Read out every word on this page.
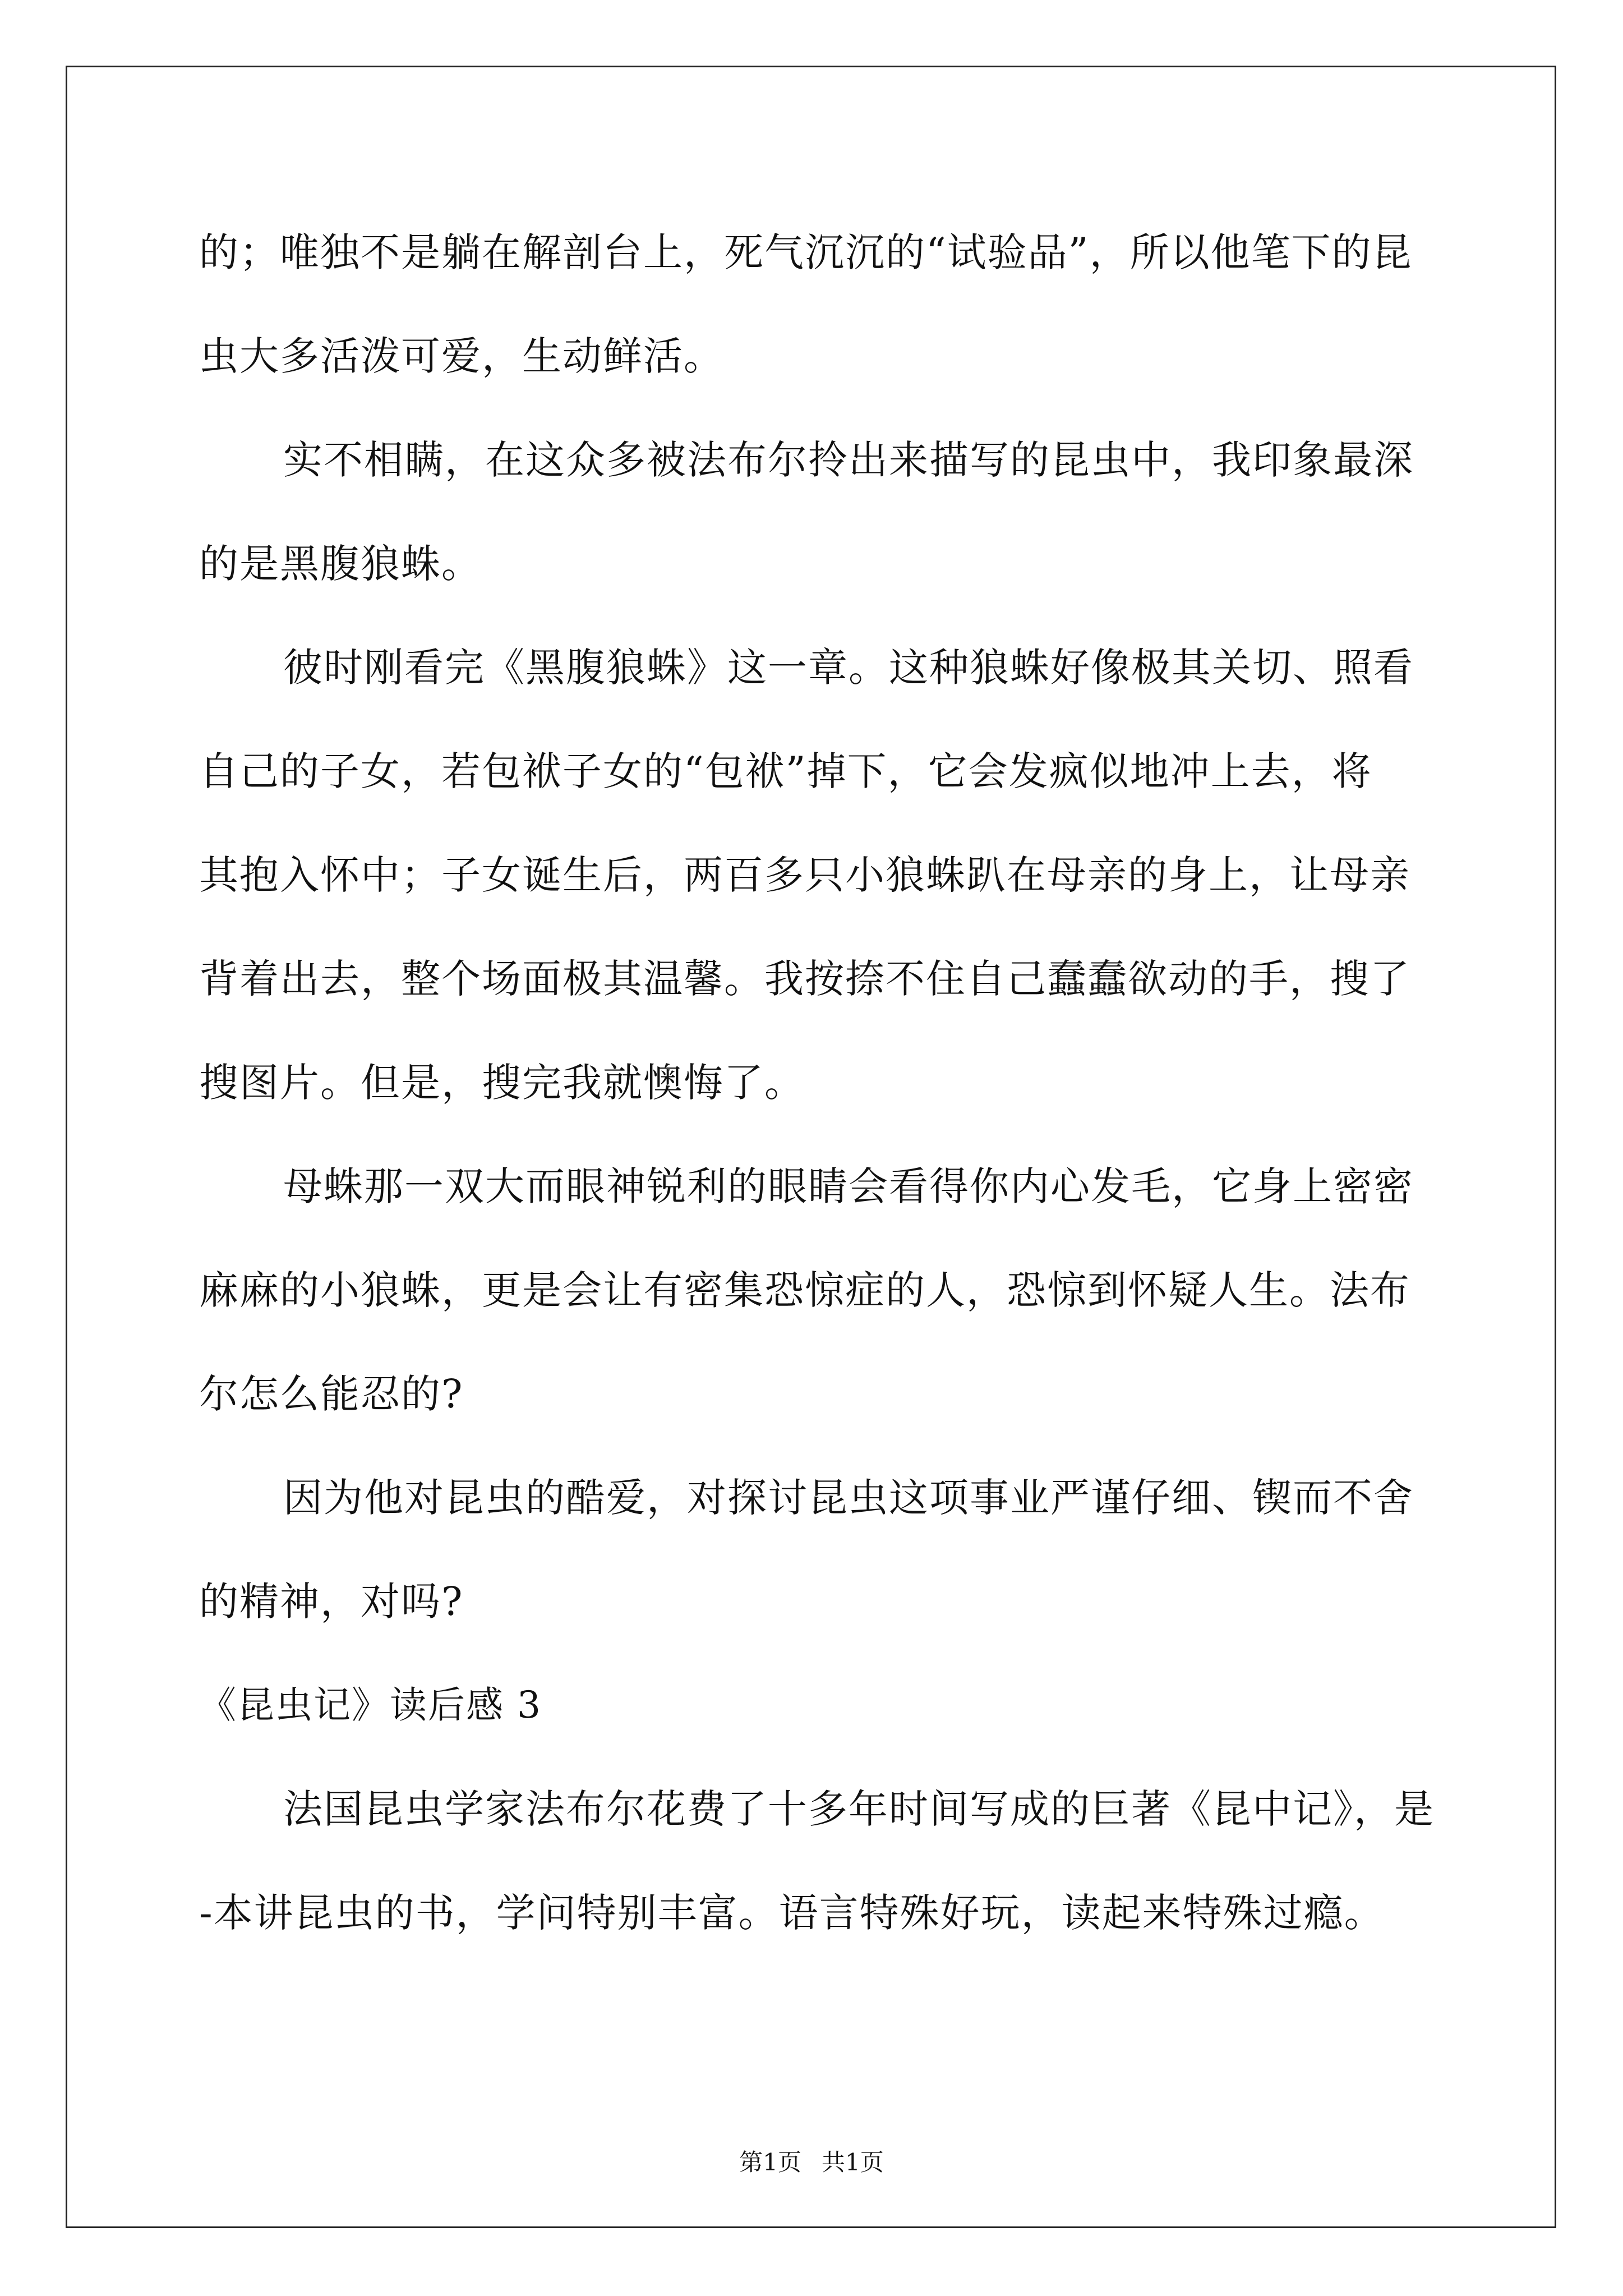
的；唯独不是躺在解剖台上，死气沉沉的“试验品”，所以他笔下的昆
虫大多活泼可爱，生动鲜活。
实不相瞒，在这众多被法布尔拎出来描写的昆虫中，我印象最深
的是黑腹狼蛛。
彼时刚看完《黑腹狼蛛》这一章。这种狼蛛好像极其关切、照看
自己的子女，若包袱子女的“包袱”掉下，它会发疯似地冲上去，将
其抱入怀中；子女诞生后，两百多只小狼蛛趴在母亲的身上，让母亲
背着出去，整个场面极其温馨。我按捺不住自己蠢蠢欲动的手，搜了
搜图片。但是，搜完我就懊悔了。
母蛛那一双大而眼神锐利的眼睛会看得你内心发毛，它身上密密
麻麻的小狼蛛，更是会让有密集恐惊症的人，恐惊到怀疑人生。法布
尔怎么能忍的?
因为他对昆虫的酷爱，对探讨昆虫这项事业严谨仔细、锲而不舍
的精神，对吗?
《昆虫记》读后感 3
法国昆虫学家法布尔花费了十多年时间写成的巨著《昆中记》，是
-本讲昆虫的书，学问特别丰富。语言特殊好玩，读起来特殊过瘾。
第1页 共1页
